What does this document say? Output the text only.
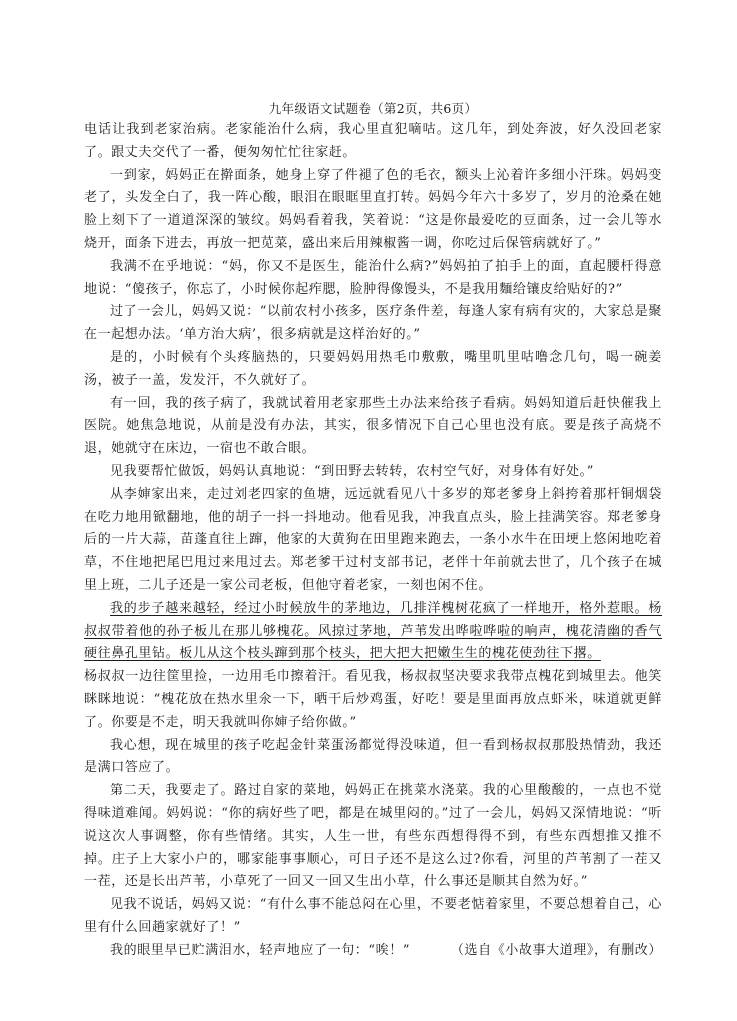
九年级语文试题卷（第2页，共6页）

电话让我到老家治病。老家能治什么病，我心里直犯嘀咕。这几年，到处奔波，好久没回老家了。跟丈夫交代了一番，便匆匆忙忙往家赶。

一到家，妈妈正在擀面条，她身上穿了件褪了色的毛衣，额头上沁着许多细小汗珠。妈妈变老了，头发全白了，我一阵心酸，眼泪在眼眶里直打转。妈妈今年六十多岁了，岁月的沧桑在她脸上刻下了一道道深深的皱纹。妈妈看着我，笑着说：“这是你最爱吃的豆面条，过一会儿等水烧开，面条下进去，再放一把苋菜，盛出来后用辣椒酱一调，你吃过后保管病就好了。”

我满不在乎地说：“妈，你又不是医生，能治什么病?”妈妈拍了拍手上的面，直起腰杆得意地说：“傻孩子，你忘了，小时候你起痄腮，脸肿得像馒头，不是我用麵给镶皮给贴好的?”

过了一会儿，妈妈又说：“以前农村小孩多，医疗条件差，每逢人家有病有灾的，大家总是聚在一起想办法。‘单方治大病’，很多病就是这样治好的。”

是的，小时候有个头疼脑热的，只要妈妈用热毛巾敷敷，嘴里叽里咕噜念几句，喝一碗姜汤，被子一盖，发发汗，不久就好了。

有一回，我的孩子病了，我就试着用老家那些土办法来给孩子看病。妈妈知道后赶快催我上医院。她焦急地说，从前是没有办法，其实，很多情况下自己心里也没有底。要是孩子高烧不退，她就守在床边，一宿也不敢合眼。

见我要帮忙做饭，妈妈认真地说：“到田野去转转，农村空气好，对身体有好处。”

从李婶家出来，走过刘老四家的鱼塘，远远就看见八十多岁的郑老爹身上斜挎着那杆铜烟袋在吃力地用锨翻地，他的胡子一抖一抖地动。他看见我，冲我直点头，脸上挂满笑容。郑老爹身后的一片大蒜，苗蓬直往上蹿，他家的大黄狗在田里跑来跑去，一条小水牛在田埂上悠闲地吃着草，不住地把尾巴甩过来甩过去。郑老爹干过村支部书记，老伴十年前就去世了，几个孩子在城里上班，二儿子还是一家公司老板，但他守着老家，一刻也闲不住。

我的步子越来越轻，经过小时候放牛的茅地边，几排洋槐树花疯了一样地开，格外惹眼。杨叔叔带着他的孙子板儿在那儿够槐花。风掠过茅地，芦苇发出哗啦哗啦的响声，槐花清幽的香气硬往鼻孔里钻。板儿从这个枝头蹿到那个枝头，把大把大把嫩生生的槐花使劲往下撂。

杨叔叔一边往筐里捡，一边用毛巾擦着汗。看见我，杨叔叔坚决要求我带点槐花到城里去。他笑眯眯地说：“槐花放在热水里氽一下，晒干后炒鸡蛋，好吃！要是里面再放点虾米，味道就更鲜了。你要是不走，明天我就叫你婶子给你做。”

我心想，现在城里的孩子吃起金针菜蛋汤都觉得没味道，但一看到杨叔叔那股热情劲，我还是满口答应了。

第二天，我要走了。路过自家的菜地，妈妈正在挑菜水浇菜。我的心里酸酸的，一点也不觉得味道难闻。妈妈说：“你的病好些了吧，都是在城里闷的。”过了一会儿，妈妈又深情地说：“听说这次人事调整，你有些情绪。其实，人生一世，有些东西想得得不到，有些东西想推又推不掉。庄子上大家小户的，哪家能事事顺心，可日子还不是这么过?你看，河里的芦苇割了一茬又一茬，还是长出芦苇，小草死了一回又一回又生出小草，什么事还是顺其自然为好。”

见我不说话，妈妈又说：“有什么事不能总闷在心里，不要老惦着家里，不要总想着自己，心里有什么回趟家就好了！”

我的眼里早已贮满泪水，轻声地应了一句：“唉！”	（选自《小故事大道理》，有删改）
